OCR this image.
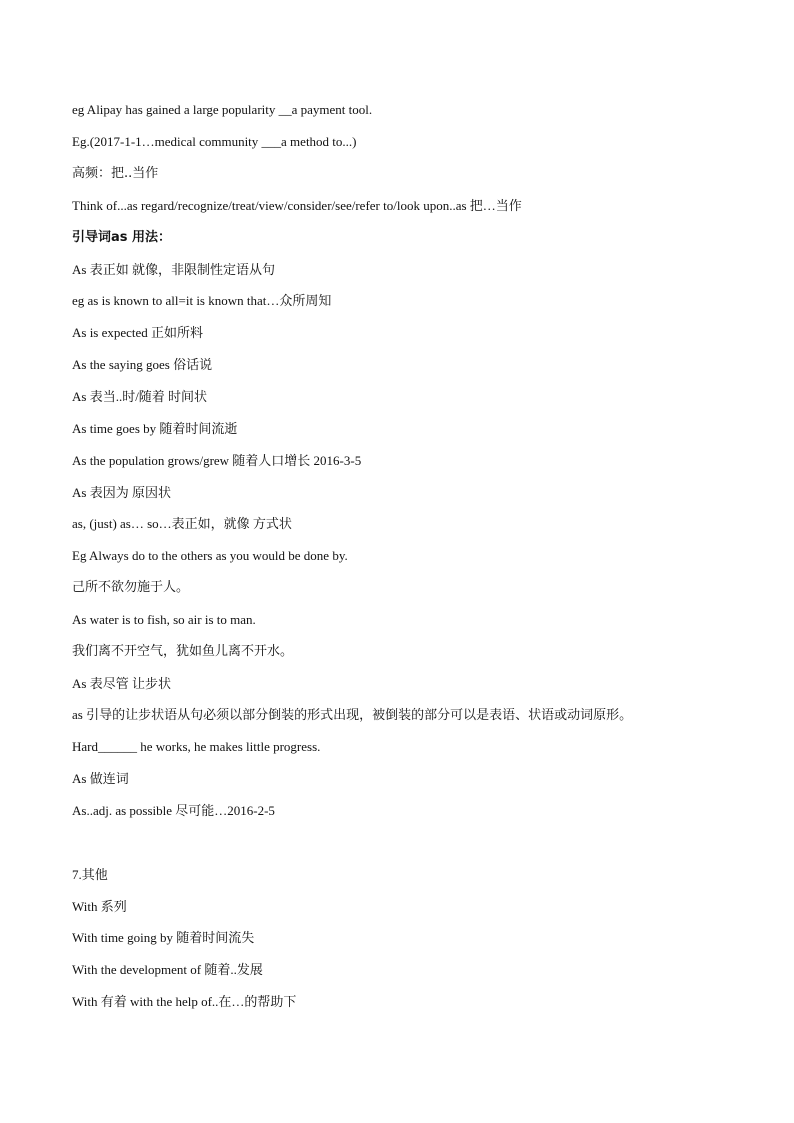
eg Alipay has gained a large popularity __a payment tool.
Eg.(2017-1-1…medical community ___a method to...)
高频：把..当作
Think of...as regard/recognize/treat/view/consider/see/refer to/look upon..as 把…当作
引导词as 用法：
As 表正如 就像，非限制性定语从句
eg as is known to all=it is known that…众所周知
As is expected 正如所料
As the saying goes 俗话说
As 表当..时/随着 时间状
As time goes by 随着时间流逝
As the population grows/grew 随着人口增长 2016-3-5
As 表因为 原因状
as, (just) as… so…表正如，就像 方式状
Eg Always do to the others as you would be done by.
己所不欲勿施于人。
As water is to fish, so air is to man.
我们离不开空气，犹如鱼儿离不开水。
As 表尽管 让步状
as 引导的让步状语从句必须以部分倒装的形式出现，被倒装的部分可以是表语、状语或动词原形。
Hard______ he works, he makes little progress.
As 做连词
As..adj. as possible 尽可能…2016-2-5
7.其他
With 系列
With time going by 随着时间流失
With the development of 随着..发展
With 有着 with the help of..在…的帮助下
